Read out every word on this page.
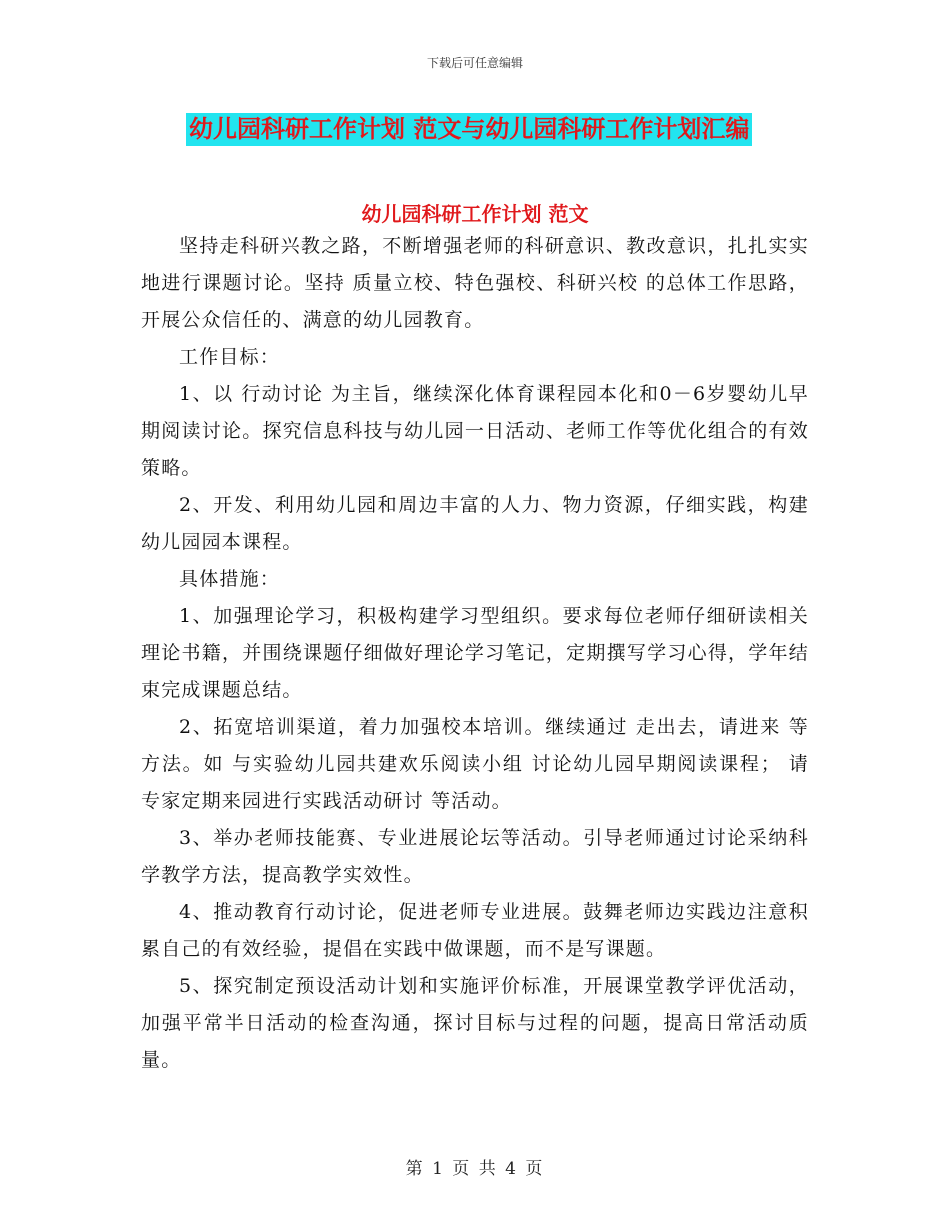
下载后可任意编辑
幼儿园科研工作计划 范文与幼儿园科研工作计划汇编
幼儿园科研工作计划 范文

坚持走科研兴教之路，不断增强老师的科研意识、教改意识，扎扎实实地进行课题讨论。坚持 质量立校、特色强校、科研兴校 的总体工作思路，开展公众信任的、满意的幼儿园教育。

工作目标：

1、以 行动讨论 为主旨，继续深化体育课程园本化和0－6岁婴幼儿早期阅读讨论。探究信息科技与幼儿园一日活动、老师工作等优化组合的有效策略。

2、开发、利用幼儿园和周边丰富的人力、物力资源，仔细实践，构建幼儿园园本课程。

具体措施：

1、加强理论学习，积极构建学习型组织。要求每位老师仔细研读相关理论书籍，并围绕课题仔细做好理论学习笔记，定期撰写学习心得，学年结束完成课题总结。

2、拓宽培训渠道，着力加强校本培训。继续通过 走出去，请进来 等方法。如 与实验幼儿园共建欢乐阅读小组 讨论幼儿园早期阅读课程； 请专家定期来园进行实践活动研讨 等活动。

3、举办老师技能赛、专业进展论坛等活动。引导老师通过讨论采纳科学教学方法，提高教学实效性。

4、推动教育行动讨论，促进老师专业进展。鼓舞老师边实践边注意积累自己的有效经验，提倡在实践中做课题，而不是写课题。

5、探究制定预设活动计划和实施评价标准，开展课堂教学评优活动，加强平常半日活动的检查沟通，探讨目标与过程的问题，提高日常活动质量。

第 1 页 共 4 页
